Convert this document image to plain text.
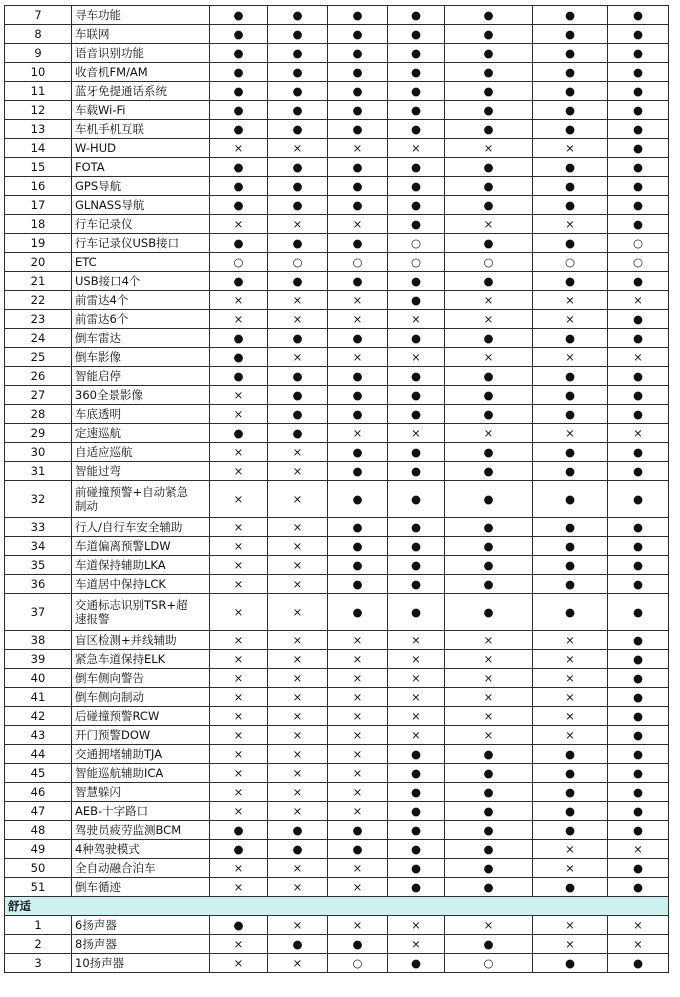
7	寻车功能	●	●	●	●	●	●	●
8	车联网	●	●	●	●	●	●	●
9	语音识别功能	●	●	●	●	●	●	●
10	收音机FM/AM	●	●	●	●	●	●	●
11	蓝牙免提通话系统	●	●	●	●	●	●	●
12	车载Wi-Fi	●	●	●	●	●	●	●
13	车机手机互联	●	●	●	●	●	●	●
14	W-HUD	×	×	×	×	×	×	●
15	FOTA	●	●	●	●	●	●	●
16	GPS导航	●	●	●	●	●	●	●
17	GLNASS导航	●	●	●	●	●	●	●
18	行车记录仪	×	×	×	●	×	×	●
19	行车记录仪USB接口	●	●	●	○	●	●	○
20	ETC	○	○	○	○	○	○	○
21	USB接口4个	●	●	●	●	●	●	●
22	前雷达4个	×	×	×	●	×	×	×
23	前雷达6个	×	×	×	×	×	×	●
24	倒车雷达	●	●	●	●	●	●	●
25	倒车影像	●	×	×	×	×	×	×
26	智能启停	●	●	●	●	●	●	●
27	360全景影像	×	●	●	●	●	●	●
28	车底透明	×	●	●	●	●	●	●
29	定速巡航	●	●	×	×	×	×	×
30	自适应巡航	×	×	●	●	●	●	●
31	智能过弯	×	×	●	●	●	●	●
32	前碰撞预警+自动紧急
制动	×	×	●	●	●	●	●
33	行人/自行车安全辅助	×	×	●	●	●	●	●
34	车道偏离预警LDW	×	×	●	●	●	●	●
35	车道保持辅助LKA	×	×	●	●	●	●	●
36	车道居中保持LCK	×	×	●	●	●	●	●
37	交通标志识别TSR+超
速报警	×	×	●	●	●	●	●
38	盲区检测+并线辅助	×	×	×	×	×	×	●
39	紧急车道保持ELK	×	×	×	×	×	×	●
40	倒车侧向警告	×	×	×	×	×	×	●
41	倒车侧向制动	×	×	×	×	×	×	●
42	后碰撞预警RCW	×	×	×	×	×	×	●
43	开门预警DOW	×	×	×	×	×	×	●
44	交通拥堵辅助TJA	×	×	×	●	●	●	●
45	智能巡航辅助ICA	×	×	×	●	●	●	●
46	智慧躲闪	×	×	×	●	●	●	●
47	AEB-十字路口	×	×	×	●	●	●	●
48	驾驶员疲劳监测BCM	●	●	●	●	●	●	●
49	4种驾驶模式	●	●	●	●	●	×	×
50	全自动融合泊车	×	×	×	●	●	×	●
51	倒车循迹	×	×	×	●	●	●	●
舒适								
1	6扬声器	●	×	×	×	×	×	×
2	8扬声器	×	●	●	×	●	×	×
3	10扬声器	×	×	○	●	○	●	●
